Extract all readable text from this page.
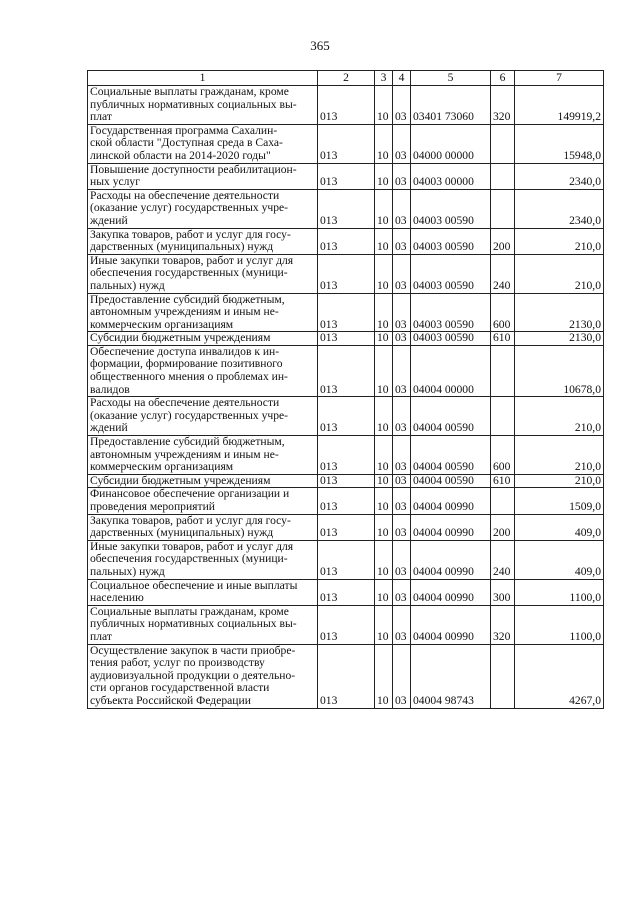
365
1	2	3	4	5	6	7

Социальные выплаты гражданам, кроме
публичных нормативных социальных вы-
плат	013	10	03	03401 73060	320	149919,2

Государственная программа Сахалин-
ской области "Доступная среда в Саха-
линской области на 2014-2020 годы"	013	10	03	04000 00000		15948,0

Повышение доступности реабилитацион-
ных услуг	013	10	03	04003 00000		2340,0

Расходы на обеспечение деятельности
(оказание услуг) государственных учре-
ждений	013	10	03	04003 00590		2340,0

Закупка товаров, работ и услуг для госу-
дарственных (муниципальных) нужд	013	10	03	04003 00590	200	210,0

Иные закупки товаров, работ и услуг для
обеспечения государственных (муници-
пальных) нужд	013	10	03	04003 00590	240	210,0

Предоставление субсидий бюджетным,
автономным учреждениям и иным не-
коммерческим организациям	013	10	03	04003 00590	600	2130,0

Субсидии бюджетным учреждениям	013	10	03	04003 00590	610	2130,0

Обеспечение доступа инвалидов к ин-
формации, формирование позитивного
общественного мнения о проблемах ин-
валидов	013	10	03	04004 00000		10678,0

Расходы на обеспечение деятельности
(оказание услуг) государственных учре-
ждений	013	10	03	04004 00590		210,0

Предоставление субсидий бюджетным,
автономным учреждениям и иным не-
коммерческим организациям	013	10	03	04004 00590	600	210,0

Субсидии бюджетным учреждениям	013	10	03	04004 00590	610	210,0

Финансовое обеспечение организации и
проведения мероприятий	013	10	03	04004 00990		1509,0

Закупка товаров, работ и услуг для госу-
дарственных (муниципальных) нужд	013	10	03	04004 00990	200	409,0

Иные закупки товаров, работ и услуг для
обеспечения государственных (муници-
пальных) нужд	013	10	03	04004 00990	240	409,0

Социальное обеспечение и иные выплаты
населению	013	10	03	04004 00990	300	1100,0

Социальные выплаты гражданам, кроме
публичных нормативных социальных вы-
плат	013	10	03	04004 00990	320	1100,0

Осуществление закупок в части приобре-
тения работ, услуг по производству
аудиовизуальной продукции о деятельно-
сти органов государственной власти
субъекта Российской Федерации	013	10	03	04004 98743		4267,0
